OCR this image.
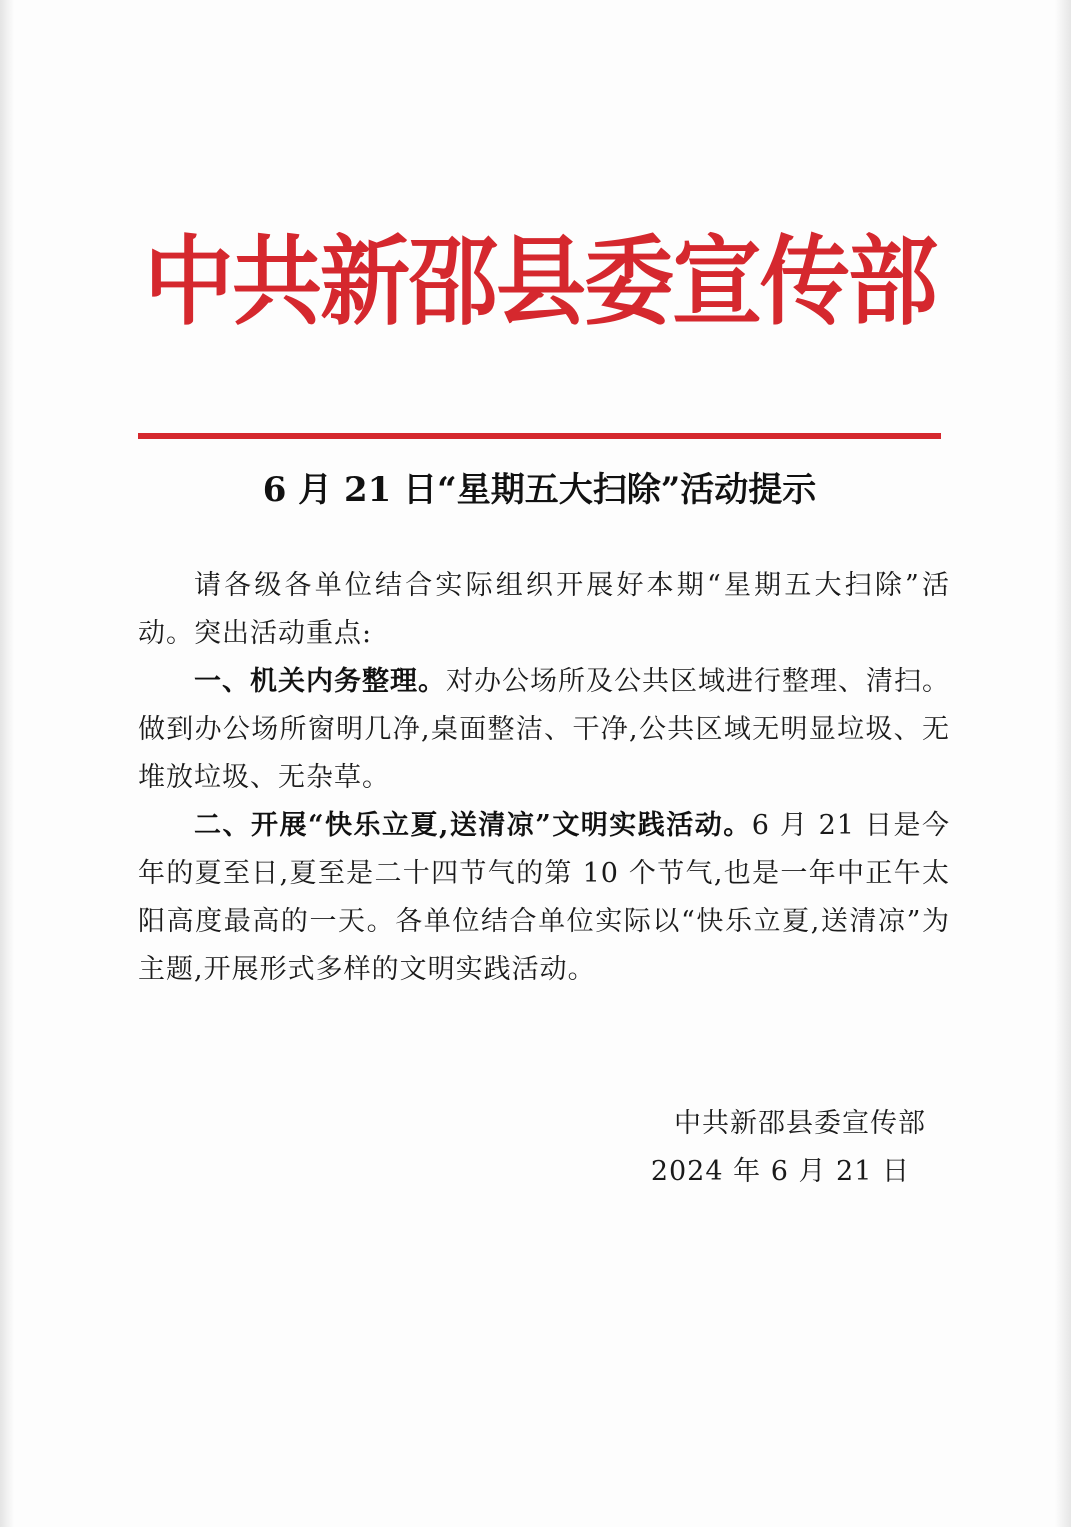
中共新邵县委宣传部
6 月 21 日“星期五大扫除”活动提示

请各级各单位结合实际组织开展好本期“星期五大扫除”活动。突出活动重点:

一、机关内务整理。对办公场所及公共区域进行整理、清扫。做到办公场所窗明几净,桌面整洁、干净,公共区域无明显垃圾、无堆放垃圾、无杂草。

二、开展“快乐立夏,送清凉”文明实践活动。6 月 21 日是今年的夏至日,夏至是二十四节气的第 10 个节气,也是一年中正午太阳高度最高的一天。各单位结合单位实际以“快乐立夏,送清凉”为主题,开展形式多样的文明实践活动。

中共新邵县委宣传部
2024 年 6 月 21 日
